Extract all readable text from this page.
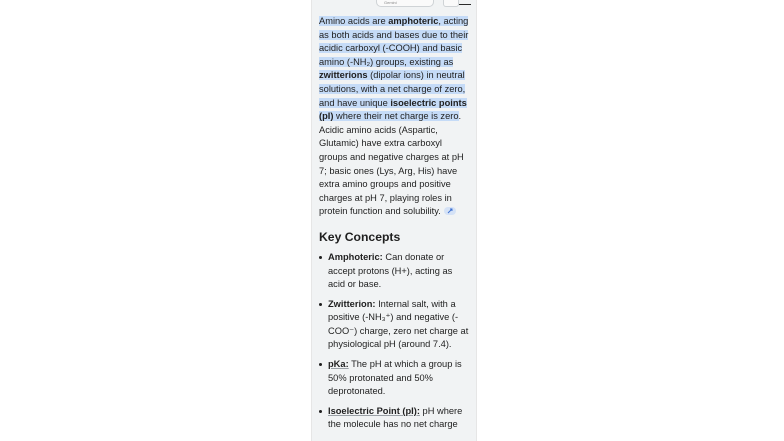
Gemini

Amino acids are amphoteric, acting as both acids and bases due to their acidic carboxyl (-COOH) and basic amino (-NH₂) groups, existing as zwitterions (dipolar ions) in neutral solutions, with a net charge of zero, and have unique isoelectric points (pI) where their net charge is zero. Acidic amino acids (Aspartic, Glutamic) have extra carboxyl groups and negative charges at pH 7; basic ones (Lys, Arg, His) have extra amino groups and positive charges at pH 7, playing roles in protein function and solubility.

Key Concepts
Amphoteric: Can donate or accept protons (H+), acting as acid or base.
Zwitterion: Internal salt, with a positive (-NH₃⁺) and negative (-COO⁻) charge, zero net charge at physiological pH (around 7.4).
pKa: The pH at which a group is 50% protonated and 50% deprotonated.
Isoelectric Point (pI): pH where the molecule has no net charge
